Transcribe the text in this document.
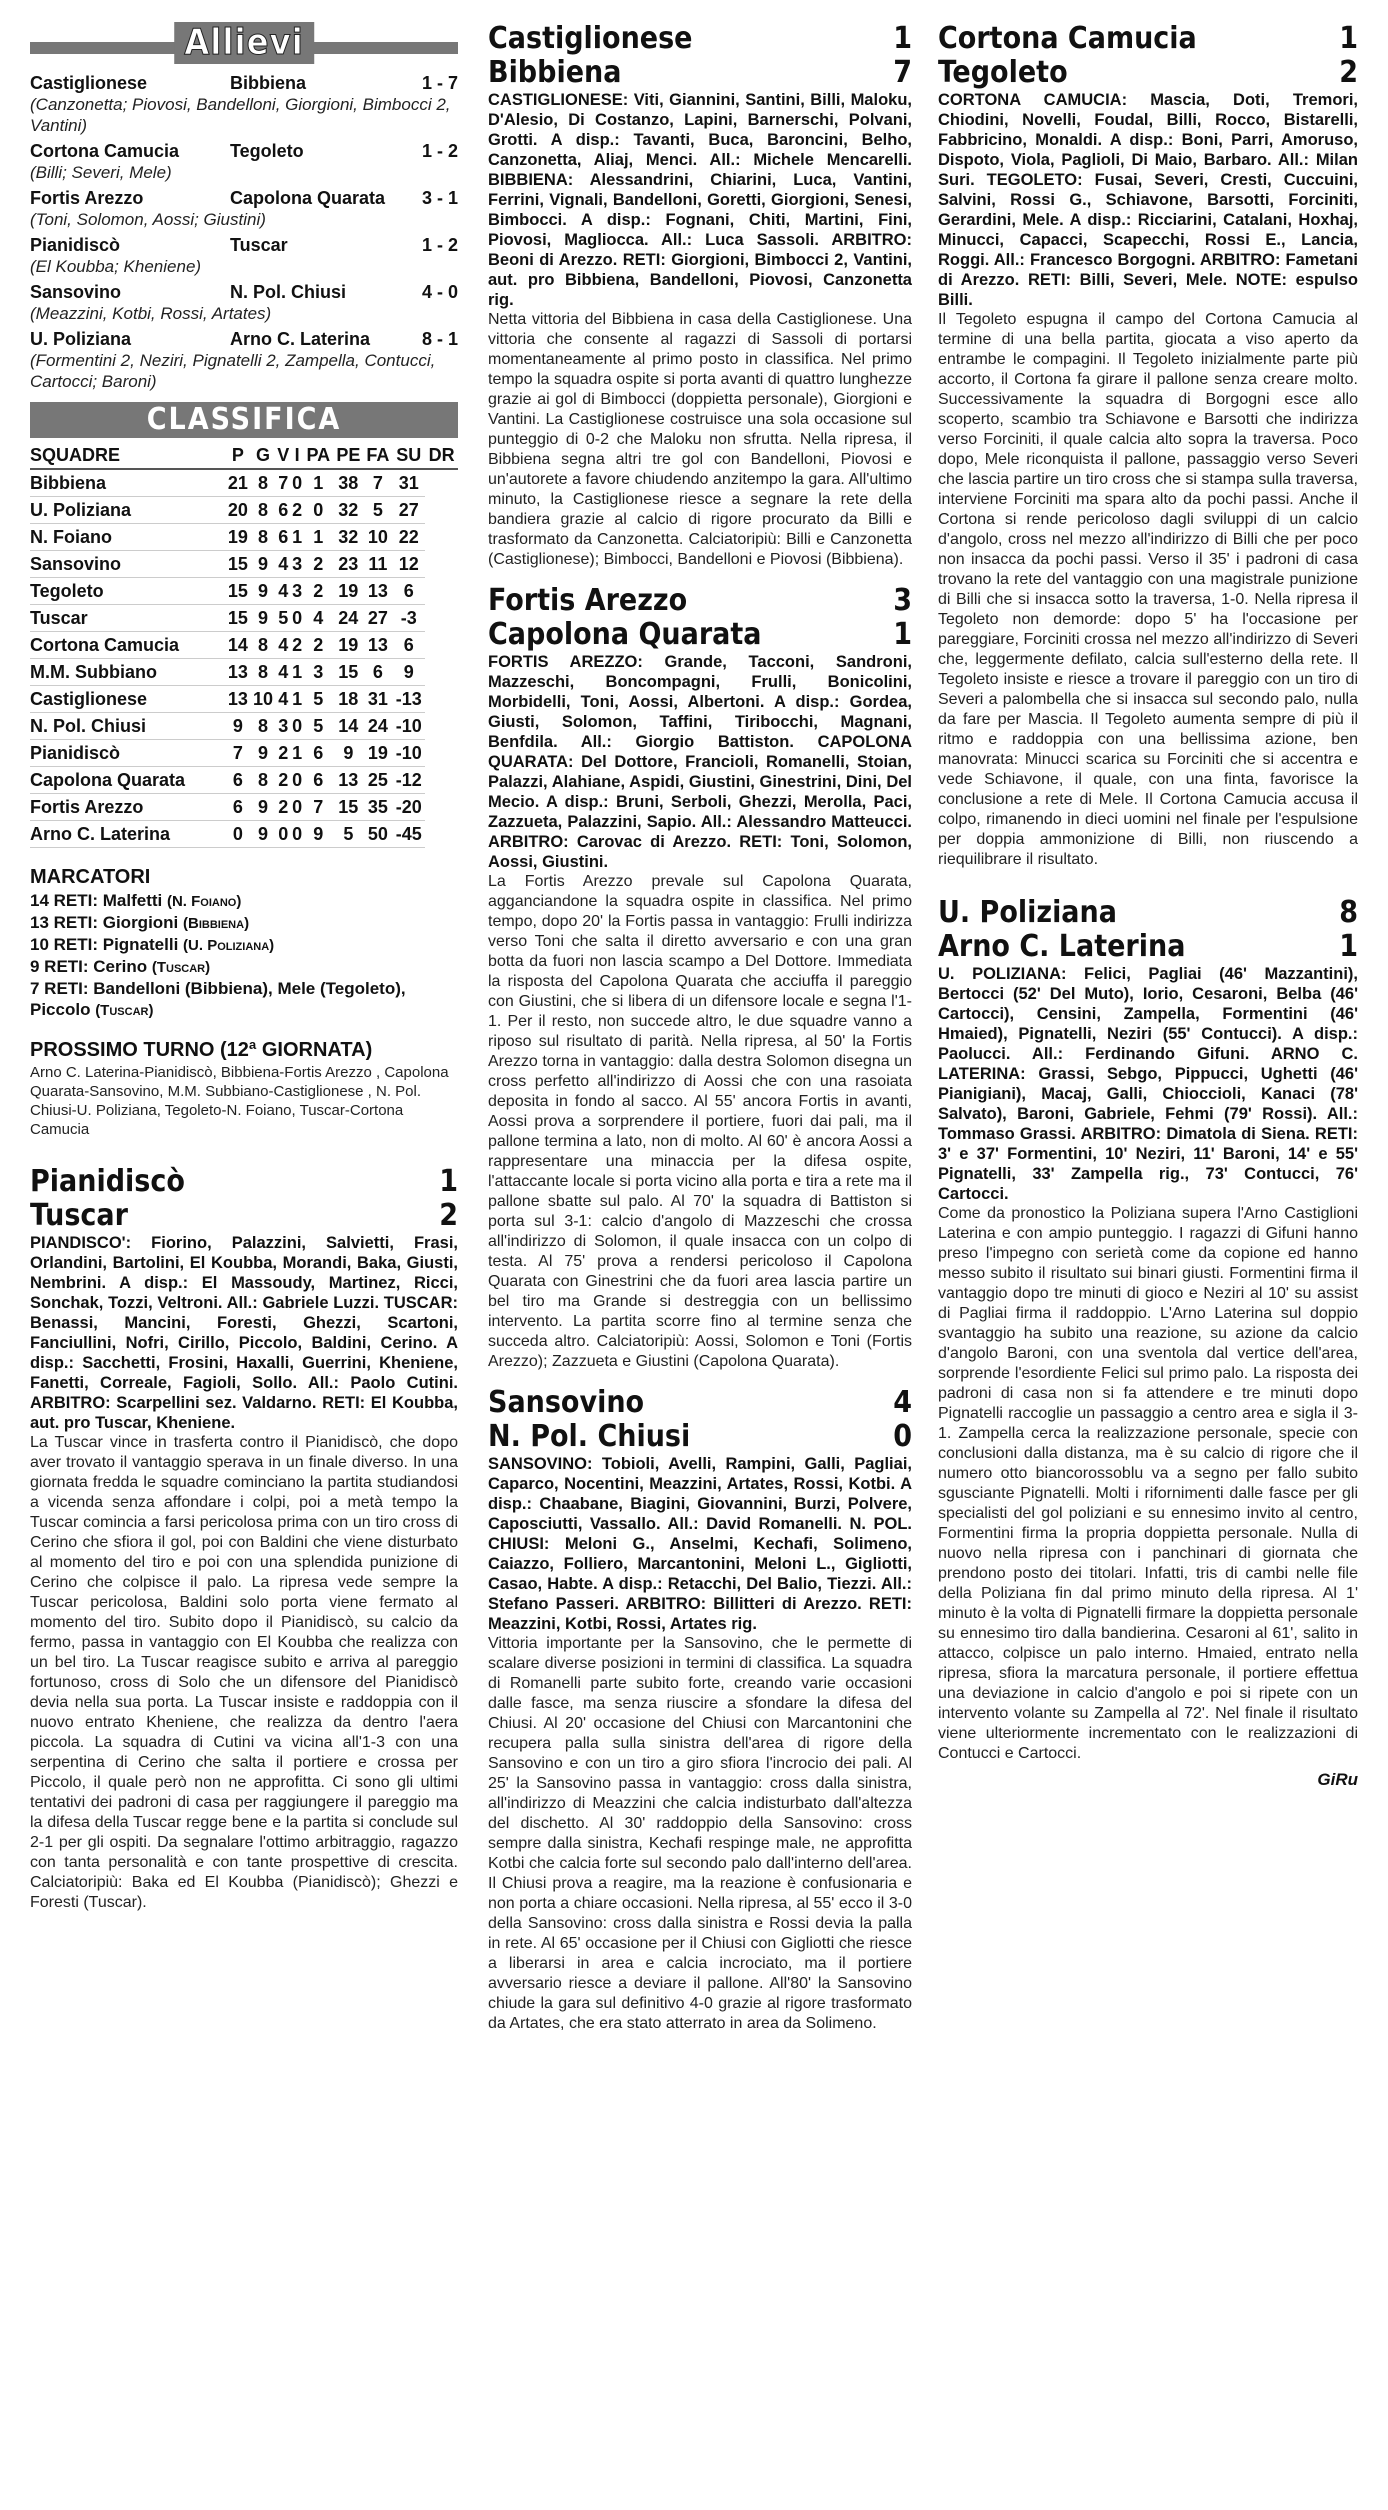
Allievi
Castiglionese	Bibbiena	1 - 7
(Canzonetta; Piovosi, Bandelloni, Giorgioni, Bimbocci 2, Vantini)
Cortona Camucia	Tegoleto	1 - 2
(Billi; Severi, Mele)
Fortis Arezzo	Capolona Quarata	3 - 1
(Toni, Solomon, Aossi; Giustini)
Pianidiscò	Tuscar	1 - 2
(El Koubba; Kheniene)
Sansovino	N. Pol. Chiusi	4 - 0
(Meazzini, Kotbi, Rossi, Artates)
U. Poliziana	Arno C. Laterina	8 - 1
(Formentini 2, Neziri, Pignatelli 2, Zampella, Contucci, Cartocci; Baroni)
CLASSIFICA
SQUADRE	P	G	V	I	PA	PE	FA	SU	DR
Bibbiena	21	8	7	0	1	38	7	31	
U. Poliziana	20	8	6	2	0	32	5	27	
N. Foiano	19	8	6	1	1	32	10	22	
Sansovino	15	9	4	3	2	23	11	12	
Tegoleto	15	9	4	3	2	19	13	6	
Tuscar	15	9	5	0	4	24	27	-3	
Cortona Camucia	14	8	4	2	2	19	13	6	
M.M. Subbiano	13	8	4	1	3	15	6	9	
Castiglionese	13	10	4	1	5	18	31	-13	
N. Pol. Chiusi	9	8	3	0	5	14	24	-10	
Pianidiscò	7	9	2	1	6	9	19	-10	
Capolona Quarata	6	8	2	0	6	13	25	-12	
Fortis Arezzo	6	9	2	0	7	15	35	-20	
Arno C. Laterina	0	9	0	0	9	5	50	-45	
MARCATORI
14 RETI: Malfetti (N. Foiano)
13 RETI: Giorgioni (Bibbiena)
10 RETI: Pignatelli (U. Poliziana)
9 RETI: Cerino (Tuscar)
7 RETI: Bandelloni (Bibbiena), Mele (Tegoleto), Piccolo (Tuscar)
PROSSIMO TURNO (12ª GIORNATA)
Arno C. Laterina-Pianidiscò, Bibbiena-Fortis Arezzo , Capolona Quarata-Sansovino, M.M. Subbiano-Castiglionese , N. Pol. Chiusi-U. Poliziana, Tegoleto-N. Foiano, Tuscar-Cortona Camucia
Pianidiscò	1
Tuscar	2
PIANDISCO': Fiorino, Palazzini, Salvietti, Frasi, Orlandini, Bartolini, El Koubba, Morandi, Baka, Giusti, Nembrini. A disp.: El Massoudy, Martinez, Ricci, Sonchak, Tozzi, Veltroni. All.: Gabriele Luzzi. TUSCAR: Benassi, Mancini, Foresti, Ghezzi, Scartoni, Fanciullini, Nofri, Cirillo, Piccolo, Baldini, Cerino. A disp.: Sacchetti, Frosini, Haxalli, Guerrini, Kheniene, Fanetti, Correale, Fagioli, Sollo. All.: Paolo Cutini. ARBITRO: Scarpellini sez. Valdarno. RETI: El Koubba, aut. pro Tuscar, Kheniene.
La Tuscar vince in trasferta contro il Pianidiscò, che dopo aver trovato il vantaggio sperava in un finale diverso. In una giornata fredda le squadre cominciano la partita studiandosi a vicenda senza affondare i colpi, poi a metà tempo la Tuscar comincia a farsi pericolosa prima con un tiro cross di Cerino che sfiora il gol, poi con Baldini che viene disturbato al momento del tiro e poi con una splendida punizione di Cerino che colpisce il palo. La ripresa vede sempre la Tuscar pericolosa, Baldini solo porta viene fermato al momento del tiro. Subito dopo il Pianidiscò, su calcio da fermo, passa in vantaggio con El Koubba che realizza con un bel tiro. La Tuscar reagisce subito e arriva al pareggio fortunoso, cross di Solo che un difensore del Pianidiscò devia nella sua porta. La Tuscar insiste e raddoppia con il nuovo entrato Kheniene, che realizza da dentro l'aera piccola. La squadra di Cutini va vicina all'1-3 con una serpentina di Cerino che salta il portiere e crossa per Piccolo, il quale però non ne approfitta. Ci sono gli ultimi tentativi dei padroni di casa per raggiungere il pareggio ma la difesa della Tuscar regge bene e la partita si conclude sul 2-1 per gli ospiti. Da segnalare l'ottimo arbitraggio, ragazzo con tanta personalità e con tante prospettive di crescita. Calciatoripiù: Baka ed El Koubba (Pianidiscò); Ghezzi e Foresti (Tuscar).
Castiglionese	1
Bibbiena	7
CASTIGLIONESE: Viti, Giannini, Santini, Billi, Maloku, D'Alesio, Di Costanzo, Lapini, Barnerschi, Polvani, Grotti. A disp.: Tavanti, Buca, Baroncini, Belho, Canzonetta, Aliaj, Menci. All.: Michele Mencarelli. BIBBIENA: Alessandrini, Chiarini, Luca, Vantini, Ferrini, Vignali, Bandelloni, Goretti, Giorgioni, Senesi, Bimbocci. A disp.: Fognani, Chiti, Martini, Fini, Piovosi, Magliocca. All.: Luca Sassoli. ARBITRO: Beoni di Arezzo. RETI: Giorgioni, Bimbocci 2, Vantini, aut. pro Bibbiena, Bandelloni, Piovosi, Canzonetta rig.
Netta vittoria del Bibbiena in casa della Castiglionese. Una vittoria che consente al ragazzi di Sassoli di portarsi momentaneamente al primo posto in classifica. Nel primo tempo la squadra ospite si porta avanti di quattro lunghezze grazie ai gol di Bimbocci (doppietta personale), Giorgioni e Vantini. La Castiglionese costruisce una sola occasione sul punteggio di 0-2 che Maloku non sfrutta. Nella ripresa, il Bibbiena segna altri tre gol con Bandelloni, Piovosi e un'autorete a favore chiudendo anzitempo la gara. All'ultimo minuto, la Castiglionese riesce a segnare la rete della bandiera grazie al calcio di rigore procurato da Billi e trasformato da Canzonetta. Calciatoripiù: Billi e Canzonetta (Castiglionese); Bimbocci, Bandelloni e Piovosi (Bibbiena).
Fortis Arezzo	3
Capolona Quarata	1
FORTIS AREZZO: Grande, Tacconi, Sandroni, Mazzeschi, Boncompagni, Frulli, Bonicolini, Morbidelli, Toni, Aossi, Albertoni. A disp.: Gordea, Giusti, Solomon, Taffini, Tiribocchi, Magnani, Benfdila. All.: Giorgio Battiston. CAPOLONA QUARATA: Del Dottore, Francioli, Romanelli, Stoian, Palazzi, Alahiane, Aspidi, Giustini, Ginestrini, Dini, Del Mecio. A disp.: Bruni, Serboli, Ghezzi, Merolla, Paci, Zazzueta, Palazzini, Sapio. All.: Alessandro Matteucci. ARBITRO: Carovac di Arezzo. RETI: Toni, Solomon, Aossi, Giustini.
La Fortis Arezzo prevale sul Capolona Quarata, agganciandone la squadra ospite in classifica. Nel primo tempo, dopo 20' la Fortis passa in vantaggio: Frulli indirizza verso Toni che salta il diretto avversario e con una gran botta da fuori non lascia scampo a Del Dottore. Immediata la risposta del Capolona Quarata che acciuffa il pareggio con Giustini, che si libera di un difensore locale e segna l'1-1. Per il resto, non succede altro, le due squadre vanno a riposo sul risultato di parità. Nella ripresa, al 50' la Fortis Arezzo torna in vantaggio: dalla destra Solomon disegna un cross perfetto all'indirizzo di Aossi che con una rasoiata deposita in fondo al sacco. Al 55' ancora Fortis in avanti, Aossi prova a sorprendere il portiere, fuori dai pali, ma il pallone termina a lato, non di molto. Al 60' è ancora Aossi a rappresentare una minaccia per la difesa ospite, l'attaccante locale si porta vicino alla porta e tira a rete ma il pallone sbatte sul palo. Al 70' la squadra di Battiston si porta sul 3-1: calcio d'angolo di Mazzeschi che crossa all'indirizzo di Solomon, il quale insacca con un colpo di testa. Al 75' prova a rendersi pericoloso il Capolona Quarata con Ginestrini che da fuori area lascia partire un bel tiro ma Grande si destreggia con un bellissimo intervento. La partita scorre fino al termine senza che succeda altro. Calciatoripiù: Aossi, Solomon e Toni (Fortis Arezzo); Zazzueta e Giustini (Capolona Quarata).
Sansovino	4
N. Pol. Chiusi	0
SANSOVINO: Tobioli, Avelli, Rampini, Galli, Pagliai, Caparco, Nocentini, Meazzini, Artates, Rossi, Kotbi. A disp.: Chaabane, Biagini, Giovannini, Burzi, Polvere, Caposciutti, Vassallo. All.: David Romanelli. N. POL. CHIUSI: Meloni G., Anselmi, Kechafi, Solimeno, Caiazzo, Folliero, Marcantonini, Meloni L., Gigliotti, Casao, Habte. A disp.: Retacchi, Del Balio, Tiezzi. All.: Stefano Passeri. ARBITRO: Billitteri di Arezzo. RETI: Meazzini, Kotbi, Rossi, Artates rig.
Vittoria importante per la Sansovino, che le permette di scalare diverse posizioni in termini di classifica. La squadra di Romanelli parte subito forte, creando varie occasioni dalle fasce, ma senza riuscire a sfondare la difesa del Chiusi. Al 20' occasione del Chiusi con Marcantonini che recupera palla sulla sinistra dell'area di rigore della Sansovino e con un tiro a giro sfiora l'incrocio dei pali. Al 25' la Sansovino passa in vantaggio: cross dalla sinistra, all'indirizzo di Meazzini che calcia indisturbato dall'altezza del dischetto. Al 30' raddoppio della Sansovino: cross sempre dalla sinistra, Kechafi respinge male, ne approfitta Kotbi che calcia forte sul secondo palo dall'interno dell'area. Il Chiusi prova a reagire, ma la reazione è confusionaria e non porta a chiare occasioni. Nella ripresa, al 55' ecco il 3-0 della Sansovino: cross dalla sinistra e Rossi devia la palla in rete. Al 65' occasione per il Chiusi con Gigliotti che riesce a liberarsi in area e calcia incrociato, ma il portiere avversario riesce a deviare il pallone. All'80' la Sansovino chiude la gara sul definitivo 4-0 grazie al rigore trasformato da Artates, che era stato atterrato in area da Solimeno.
Cortona Camucia	1
Tegoleto	2
CORTONA CAMUCIA: Mascia, Doti, Tremori, Chiodini, Novelli, Foudal, Billi, Rocco, Bistarelli, Fabbricino, Monaldi. A disp.: Boni, Parri, Amoruso, Dispoto, Viola, Paglioli, Di Maio, Barbaro. All.: Milan Suri. TEGOLETO: Fusai, Severi, Cresti, Cuccuini, Salvini, Rossi G., Schiavone, Barsotti, Forciniti, Gerardini, Mele. A disp.: Ricciarini, Catalani, Hoxhaj, Minucci, Capacci, Scapecchi, Rossi E., Lancia, Roggi. All.: Francesco Borgogni. ARBITRO: Fametani di Arezzo. RETI: Billi, Severi, Mele. NOTE: espulso Billi.
Il Tegoleto espugna il campo del Cortona Camucia al termine di una bella partita, giocata a viso aperto da entrambe le compagini. Il Tegoleto inizialmente parte più accorto, il Cortona fa girare il pallone senza creare molto. Successivamente la squadra di Borgogni esce allo scoperto, scambio tra Schiavone e Barsotti che indirizza verso Forciniti, il quale calcia alto sopra la traversa. Poco dopo, Mele riconquista il pallone, passaggio verso Severi che lascia partire un tiro cross che si stampa sulla traversa, interviene Forciniti ma spara alto da pochi passi. Anche il Cortona si rende pericoloso dagli sviluppi di un calcio d'angolo, cross nel mezzo all'indirizzo di Billi che per poco non insacca da pochi passi. Verso il 35' i padroni di casa trovano la rete del vantaggio con una magistrale punizione di Billi che si insacca sotto la traversa, 1-0. Nella ripresa il Tegoleto non demorde: dopo 5' ha l'occasione per pareggiare, Forciniti crossa nel mezzo all'indirizzo di Severi che, leggermente defilato, calcia sull'esterno della rete. Il Tegoleto insiste e riesce a trovare il pareggio con un tiro di Severi a palombella che si insacca sul secondo palo, nulla da fare per Mascia. Il Tegoleto aumenta sempre di più il ritmo e raddoppia con una bellissima azione, ben manovrata: Minucci scarica su Forciniti che si accentra e vede Schiavone, il quale, con una finta, favorisce la conclusione a rete di Mele. Il Cortona Camucia accusa il colpo, rimanendo in dieci uomini nel finale per l'espulsione per doppia ammonizione di Billi, non riuscendo a riequilibrare il risultato.
U. Poliziana	8
Arno C. Laterina	1
U. POLIZIANA: Felici, Pagliai (46' Mazzantini), Bertocci (52' Del Muto), Iorio, Cesaroni, Belba (46' Cartocci), Censini, Zampella, Formentini (46' Hmaied), Pignatelli, Neziri (55' Contucci). A disp.: Paolucci. All.: Ferdinando Gifuni. ARNO C. LATERINA: Grassi, Sebgo, Pippucci, Ughetti (46' Pianigiani), Macaj, Galli, Chioccioli, Kanaci (78' Salvato), Baroni, Gabriele, Fehmi (79' Rossi). All.: Tommaso Grassi. ARBITRO: Dimatola di Siena. RETI: 3' e 37' Formentini, 10' Neziri, 11' Baroni, 14' e 55' Pignatelli, 33' Zampella rig., 73' Contucci, 76' Cartocci.
Come da pronostico la Poliziana supera l'Arno Castiglioni Laterina e con ampio punteggio. I ragazzi di Gifuni hanno preso l'impegno con serietà come da copione ed hanno messo subito il risultato sui binari giusti. Formentini firma il vantaggio dopo tre minuti di gioco e Neziri al 10' su assist di Pagliai firma il raddoppio. L'Arno Laterina sul doppio svantaggio ha subito una reazione, su azione da calcio d'angolo Baroni, con una sventola dal vertice dell'area, sorprende l'esordiente Felici sul primo palo. La risposta dei padroni di casa non si fa attendere e tre minuti dopo Pignatelli raccoglie un passaggio a centro area e sigla il 3-1. Zampella cerca la realizzazione personale, specie con conclusioni dalla distanza, ma è su calcio di rigore che il numero otto biancorossoblu va a segno per fallo subito sgusciante Pignatelli. Molti i rifornimenti dalle fasce per gli specialisti del gol poliziani e su ennesimo invito al centro, Formentini firma la propria doppietta personale. Nulla di nuovo nella ripresa con i panchinari di giornata che prendono posto dei titolari. Infatti, tris di cambi nelle file della Poliziana fin dal primo minuto della ripresa. Al 1' minuto è la volta di Pignatelli firmare la doppietta personale su ennesimo tiro dalla bandierina. Cesaroni al 61', salito in attacco, colpisce un palo interno. Hmaied, entrato nella ripresa, sfiora la marcatura personale, il portiere effettua una deviazione in calcio d'angolo e poi si ripete con un intervento volante su Zampella al 72'. Nel finale il risultato viene ulteriormente incrementato con le realizzazioni di Contucci e Cartocci.
GiRu
